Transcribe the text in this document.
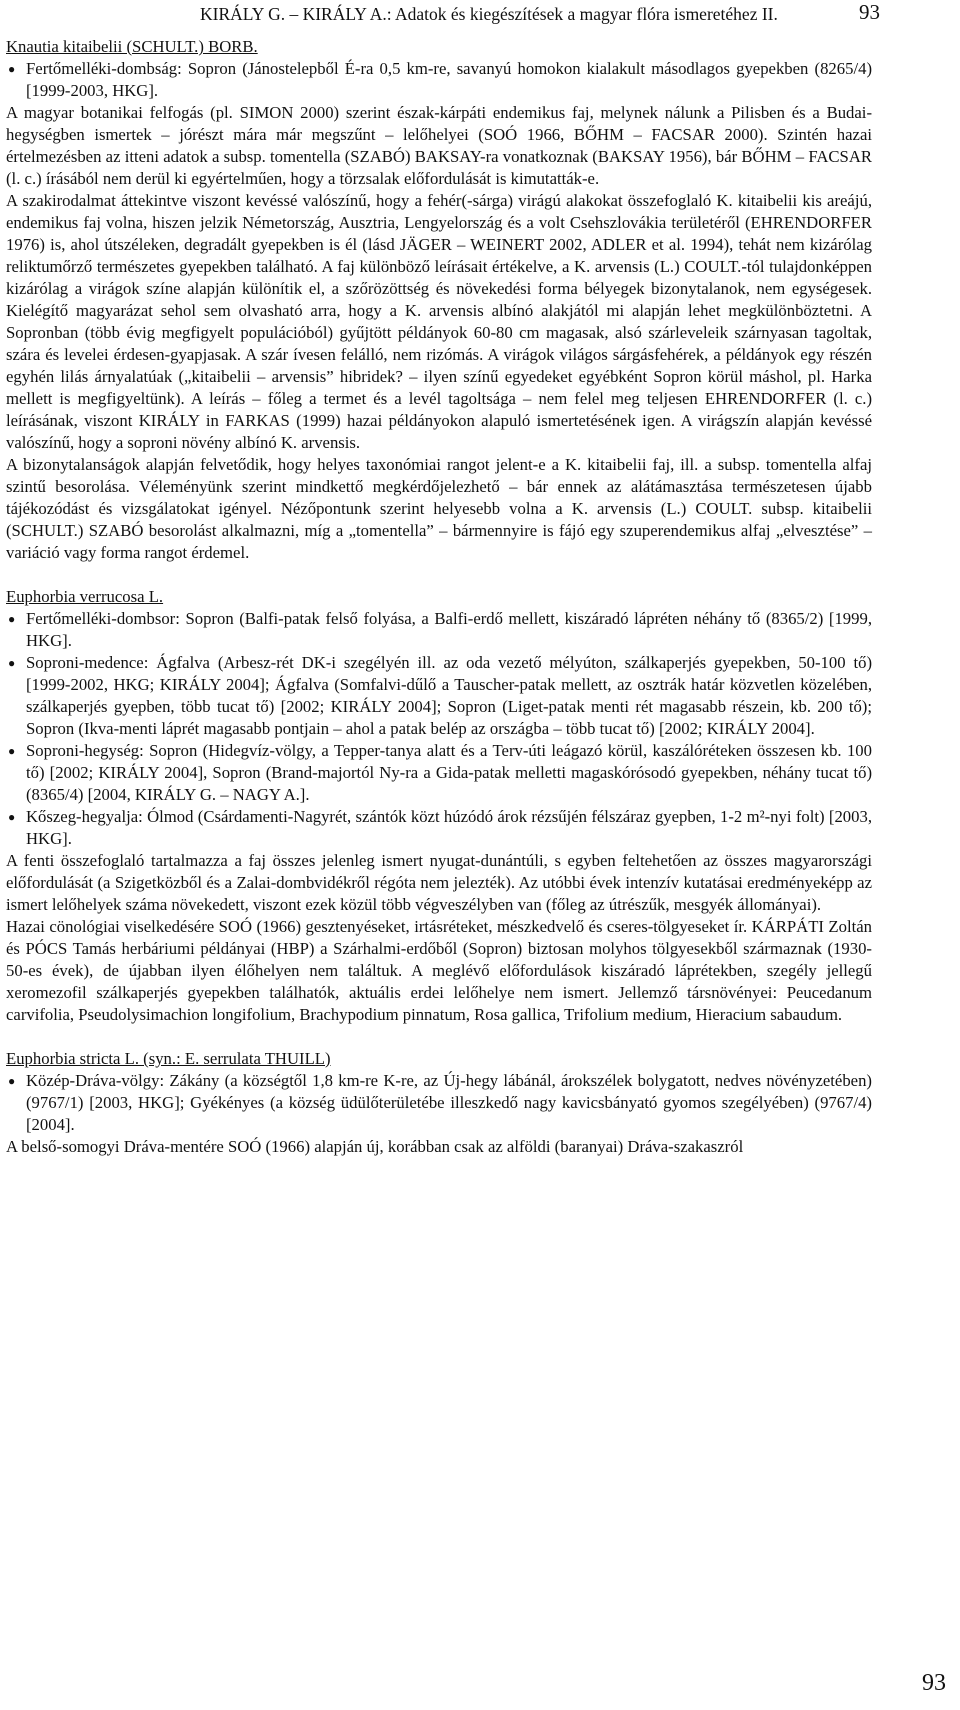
KIRÁLY G. – KIRÁLY A.: Adatok és kiegészítések a magyar flóra ismeretéhez II.	93

Knautia kitaibelii (SCHULT.) BORB.

● Fertőmelléki-dombság: Sopron (Jánostelepből É-ra 0,5 km-re, savanyú homokon kialakult másodlagos gyepekben (8265/4) [1999-2003, HKG].

A magyar botanikai felfogás (pl. SIMON 2000) szerint észak-kárpáti endemikus faj, melynek nálunk a Pilisben és a Budai-hegységben ismertek – jórészt mára már megszűnt – lelőhelyei (SOÓ 1966, BŐHM – FACSAR 2000). Szintén hazai értelmezésben az itteni adatok a subsp. tomentella (SZABÓ) BAKSAY-ra vonatkoznak (BAKSAY 1956), bár BŐHM – FACSAR (l. c.) írásából nem derül ki egyértelműen, hogy a törzsalak előfordulását is kimutatták-e.

A szakirodalmat áttekintve viszont kevéssé valószínű, hogy a fehér(-sárga) virágú alakokat összefoglaló K. kitaibelii kis areájú, endemikus faj volna, hiszen jelzik Németország, Ausztria, Lengyelország és a volt Csehszlovákia területéről (EHRENDORFER 1976) is, ahol útszéleken, degradált gyepekben is él (lásd JÄGER – WEINERT 2002, ADLER et al. 1994), tehát nem kizárólag reliktumőrző természetes gyepekben található. A faj különböző leírásait értékelve, a K. arvensis (L.) COULT.-tól tulajdonképpen kizárólag a virágok színe alapján különítik el, a szőrözöttség és növekedési forma bélyegek bizonytalanok, nem egységesek. Kielégítő magyarázat sehol sem olvasható arra, hogy a K. arvensis albínó alakjától mi alapján lehet megkülönböztetni. A Sopronban (több évig megfigyelt populációból) gyűjtött példányok 60-80 cm magasak, alsó szárleveleik szárnyasan tagoltak, szára és levelei érdesen-gyapjasak. A szár ívesen felálló, nem rizómás. A virágok világos sárgásfehérek, a példányok egy részén egyhén lilás árnyalatúak („kitaibelii – arvensis” hibridek? – ilyen színű egyedeket egyébként Sopron körül máshol, pl. Harka mellett is megfigyeltünk). A leírás – főleg a termet és a levél tagoltsága – nem felel meg teljesen EHRENDORFER (l. c.) leírásának, viszont KIRÁLY in FARKAS (1999) hazai példányokon alapuló ismertetésének igen. A virágszín alapján kevéssé valószínű, hogy a soproni növény albínó K. arvensis.

A bizonytalanságok alapján felvetődik, hogy helyes taxonómiai rangot jelent-e a K. kitaibelii faj, ill. a subsp. tomentella alfaj szintű besorolása. Véleményünk szerint mindkettő megkérdőjelezhető – bár ennek az alátámasztása természetesen újabb tájékozódást és vizsgálatokat igényel. Nézőpontunk szerint helyesebb volna a K. arvensis (L.) COULT. subsp. kitaibelii (SCHULT.) SZABÓ besorolást alkalmazni, míg a „tomentella” – bármennyire is fájó egy szuperendemikus alfaj „elvesztése” – variáció vagy forma rangot érdemel.

Euphorbia verrucosa L.

● Fertőmelléki-dombsor: Sopron (Balfi-patak felső folyása, a Balfi-erdő mellett, kiszáradó lápréten néhány tő (8365/2) [1999, HKG].

● Soproni-medence: Ágfalva (Arbesz-rét DK-i szegélyén ill. az oda vezető mélyúton, szálkaperjés gyepekben, 50-100 tő) [1999-2002, HKG; KIRÁLY 2004]; Ágfalva (Somfalvi-dűlő a Tauscher-patak mellett, az osztrák határ közvetlen közelében, szálkaperjés gyepben, több tucat tő) [2002; KIRÁLY 2004]; Sopron (Liget-patak menti rét magasabb részein, kb. 200 tő); Sopron (Ikva-menti láprét magasabb pontjain – ahol a patak belép az országba – több tucat tő) [2002; KIRÁLY 2004].

● Soproni-hegység: Sopron (Hidegvíz-völgy, a Tepper-tanya alatt és a Terv-úti leágazó körül, kaszálóréteken összesen kb. 100 tő) [2002; KIRÁLY 2004], Sopron (Brand-majortól Ny-ra a Gida-patak melletti magaskórósodó gyepekben, néhány tucat tő) (8365/4) [2004, KIRÁLY G. – NAGY A.].

● Kőszeg-hegyalja: Ólmod (Csárdamenti-Nagyrét, szántók közt húzódó árok rézsűjén félszáraz gyepben, 1-2 m²-nyi folt) [2003, HKG].

A fenti összefoglaló tartalmazza a faj összes jelenleg ismert nyugat-dunántúli, s egyben feltehetően az összes magyarországi előfordulását (a Szigetközből és a Zalai-dombvidékről régóta nem jelezték). Az utóbbi évek intenzív kutatásai eredményeképp az ismert lelőhelyek száma növekedett, viszont ezek közül több végveszélyben van (főleg az útrészűk, mesgyék állományai).

Hazai cönológiai viselkedésére SOÓ (1966) gesztenyéseket, irtásréteket, mészkedvelő és cseres-tölgyeseket ír. KÁRPÁTI Zoltán és PÓCS Tamás herbáriumi példányai (HBP) a Szárhalmi-erdőből (Sopron) biztosan molyhos tölgyesekből származnak (1930-50-es évek), de újabban ilyen élőhelyen nem találtuk. A meglévő előfordulások kiszáradó láprétekben, szegély jellegű xeromezofil szálkaperjés gyepekben találhatók, aktuális erdei lelőhelye nem ismert. Jellemző társnövényei: Peucedanum carvifolia, Pseudolysimachion longifolium, Brachypodium pinnatum, Rosa gallica, Trifolium medium, Hieracium sabaudum.

Euphorbia stricta L. (syn.: E. serrulata THUILL)

● Közép-Dráva-völgy: Zákány (a községtől 1,8 km-re K-re, az Új-hegy lábánál, árokszélek bolygatott, nedves növényzetében) (9767/1) [2003, HKG]; Gyékényes (a község üdülőterületébe illeszkedő nagy kavicsbányató gyomos szegélyében) (9767/4) [2004].

A belső-somogyi Dráva-mentére SOÓ (1966) alapján új, korábban csak az alföldi (baranyai) Dráva-szakaszról

93
